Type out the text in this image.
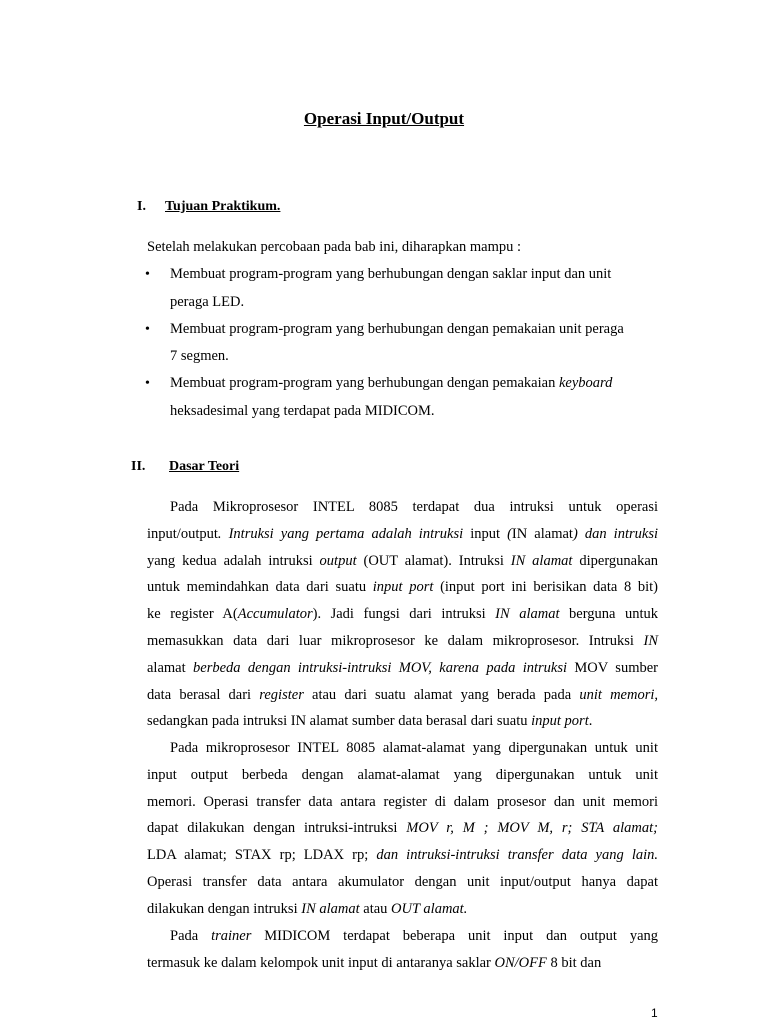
Operasi Input/Output
I. Tujuan Praktikum.
Setelah melakukan percobaan pada bab ini, diharapkan mampu :
• Membuat program-program yang berhubungan dengan saklar input dan unit
peraga LED.
• Membuat program-program yang berhubungan dengan pemakaian unit peraga
7 segmen.
• Membuat program-program yang berhubungan dengan pemakaian keyboard
heksadesimal yang terdapat pada MIDICOM.
II. Dasar Teori
Pada Mikroprosesor INTEL 8085 terdapat dua intruksi untuk operasi
input/output. Intruksi yang pertama adalah intruksi input (IN alamat) dan intruksi
yang kedua adalah intruksi output (OUT alamat). Intruksi IN alamat dipergunakan
untuk memindahkan data dari suatu input port (input port ini berisikan data 8 bit)
ke register A(Accumulator). Jadi fungsi dari intruksi IN alamat berguna untuk
memasukkan data dari luar mikroprosesor ke dalam mikroprosesor. Intruksi IN
alamat berbeda dengan intruksi-intruksi MOV, karena pada intruksi MOV sumber
data berasal dari register atau dari suatu alamat yang berada pada unit memori,
sedangkan pada intruksi IN alamat sumber data berasal dari suatu input port.
Pada mikroprosesor INTEL 8085 alamat-alamat yang dipergunakan untuk unit
input output berbeda dengan alamat-alamat yang dipergunakan untuk unit
memori. Operasi transfer data antara register di dalam prosesor dan unit memori
dapat dilakukan dengan intruksi-intruksi MOV r, M ; MOV M, r; STA alamat;
LDA alamat; STAX rp; LDAX rp; dan intruksi-intruksi transfer data yang lain.
Operasi transfer data antara akumulator dengan unit input/output hanya dapat
dilakukan dengan intruksi IN alamat atau OUT alamat.
Pada trainer MIDICOM terdapat beberapa unit input dan output yang
termasuk ke dalam kelompok unit input di antaranya saklar ON/OFF 8 bit dan
1
